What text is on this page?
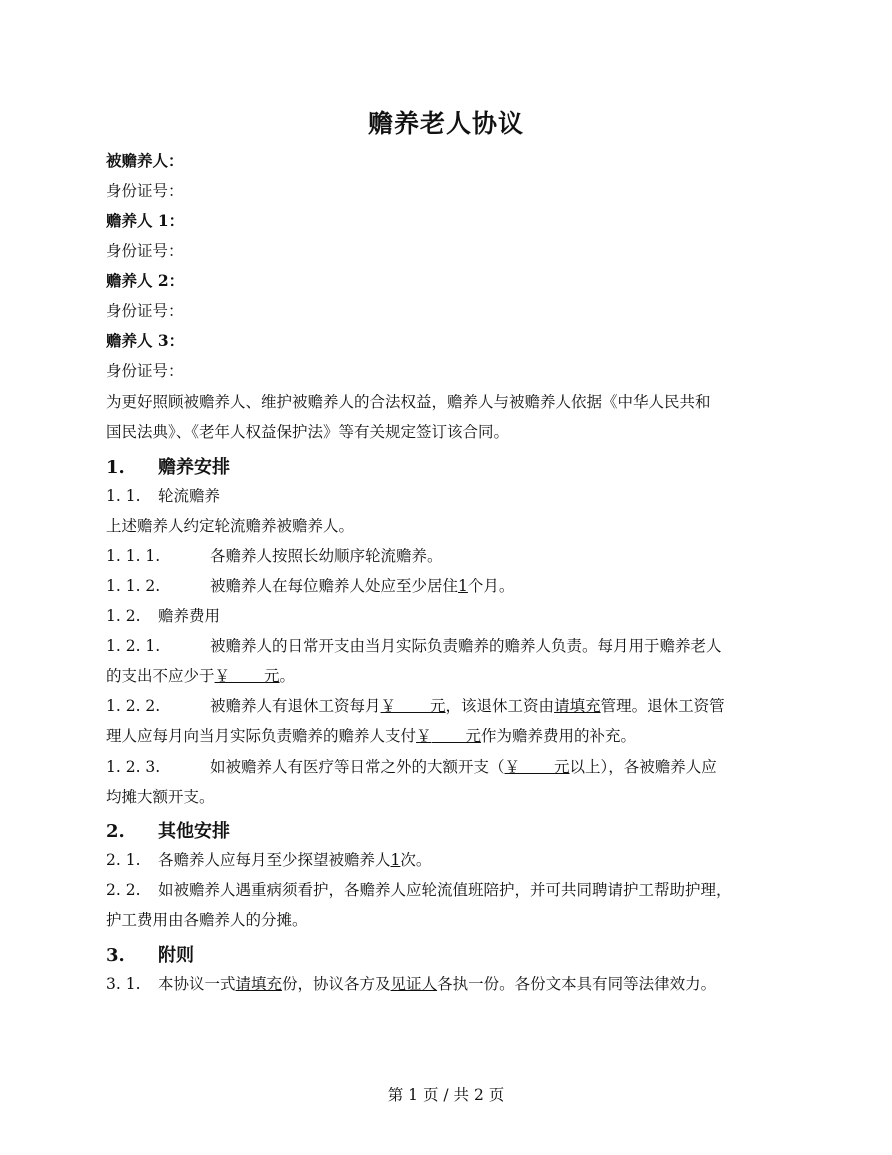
赡养老人协议
被赡养人：
身份证号：
赡养人 1：
身份证号：
赡养人 2：
身份证号：
赡养人 3：
身份证号：
为更好照顾被赡养人、维护被赡养人的合法权益，赡养人与被赡养人依据《中华人民共和
国民法典》、《老年人权益保护法》等有关规定签订该合同。
1. 赡养安排
1. 1. 轮流赡养
上述赡养人约定轮流赡养被赡养人。
1. 1. 1.	各赡养人按照长幼顺序轮流赡养。
1. 1. 2.	被赡养人在每位赡养人处应至少居住1个月。
1. 2. 赡养费用
1. 2. 1.	被赡养人的日常开支由当月实际负责赡养的赡养人负责。每月用于赡养老人
的支出不应少于￥ 元。
1. 2. 2.	被赡养人有退休工资每月￥ 元，该退休工资由请填充管理。退休工资管
理人应每月向当月实际负责赡养的赡养人支付￥ 元作为赡养费用的补充。
1. 2. 3.	如被赡养人有医疗等日常之外的大额开支（￥ 元以上），各被赡养人应
均摊大额开支。
2. 其他安排
2. 1. 各赡养人应每月至少探望被赡养人1次。
2. 2. 如被赡养人遇重病须看护，各赡养人应轮流值班陪护，并可共同聘请护工帮助护理，
护工费用由各赡养人的分摊。
3. 附则
3. 1. 本协议一式请填充份，协议各方及见证人各执一份。各份文本具有同等法律效力。
第 1 页 / 共 2 页
